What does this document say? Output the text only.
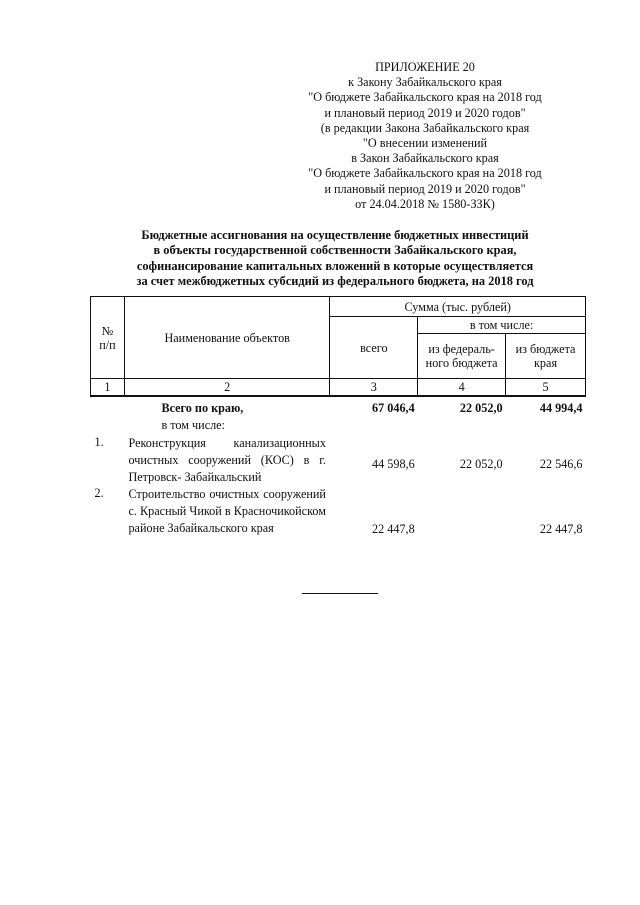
ПРИЛОЖЕНИЕ 20
к Закону Забайкальского края
"О бюджете Забайкальского края на 2018 год
и плановый период 2019 и 2020 годов"
(в редакции Закона Забайкальского края
"О внесении изменений
в Закон Забайкальского края
"О бюджете Забайкальского края на 2018 год
и плановый период 2019 и 2020 годов"
от 24.04.2018 № 1580-ЗЗК)
Бюджетные ассигнования на осуществление бюджетных инвестиций
в объекты государственной собственности Забайкальского края,
софинансирование капитальных вложений в которые осуществляется
за счет межбюджетных субсидий из федерального бюджета, на 2018 год
№ п/п	Наименование объектов	Сумма (тыс. рублей)		
		всего	в том числе:	
			из федераль-ного бюджета	из бюджета края
1	2	3	4	5
	Всего по краю,	67 046,4	22 052,0	44 994,4
	в том числе:			
1.	Реконструкция канализационных очистных сооружений (КОС) в г. Петровск- Забайкальский	44 598,6	22 052,0	22 546,6
2.	Строительство очистных сооружений с. Красный Чикой в Красночикойском районе Забайкальского края	22 447,8		22 447,8
